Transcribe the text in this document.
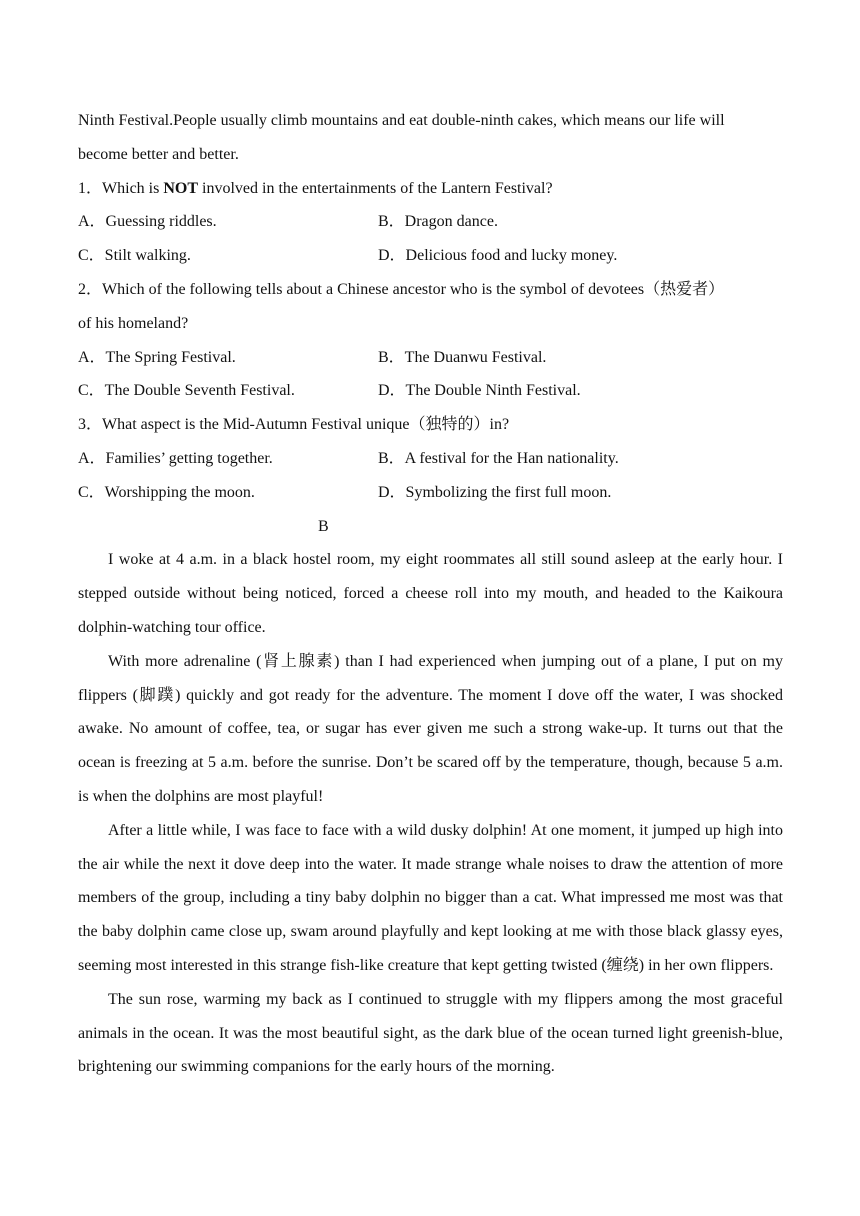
Ninth Festival.People usually climb mountains and eat double-ninth cakes, which means our life will
become better and better.
1．Which is NOT involved in the entertainments of the Lantern Festival?
A．Guessing riddles.	B．Dragon dance.
C．Stilt walking.	D．Delicious food and lucky money.
2．Which of the following tells about a Chinese ancestor who is the symbol of devotees（热爱者）
of his homeland?
A．The Spring Festival.	B．The Duanwu Festival.
C．The Double Seventh Festival.	D．The Double Ninth Festival.
3．What aspect is the Mid-Autumn Festival unique（独特的）in?
A．Families’ getting together.	B．A festival for the Han nationality.
C．Worshipping the moon.	D．Symbolizing the first full moon.
B

I woke at 4 a.m. in a black hostel room, my eight roommates all still sound asleep at the early hour. I stepped outside without being noticed, forced a cheese roll into my mouth, and headed to the Kaikoura dolphin-watching tour office.

With more adrenaline (肾上腺素) than I had experienced when jumping out of a plane, I put on my flippers (脚蹼) quickly and got ready for the adventure. The moment I dove off the water, I was shocked awake. No amount of coffee, tea, or sugar has ever given me such a strong wake-up. It turns out that the ocean is freezing at 5 a.m. before the sunrise. Don’t be scared off by the temperature, though, because 5 a.m. is when the dolphins are most playful!

After a little while, I was face to face with a wild dusky dolphin! At one moment, it jumped up high into the air while the next it dove deep into the water. It made strange whale noises to draw the attention of more members of the group, including a tiny baby dolphin no bigger than a cat. What impressed me most was that the baby dolphin came close up, swam around playfully and kept looking at me with those black glassy eyes, seeming most interested in this strange fish-like creature that kept getting twisted (缠绕) in her own flippers.

The sun rose, warming my back as I continued to struggle with my flippers among the most graceful animals in the ocean. It was the most beautiful sight, as the dark blue of the ocean turned light greenish-blue, brightening our swimming companions for the early hours of the morning.
